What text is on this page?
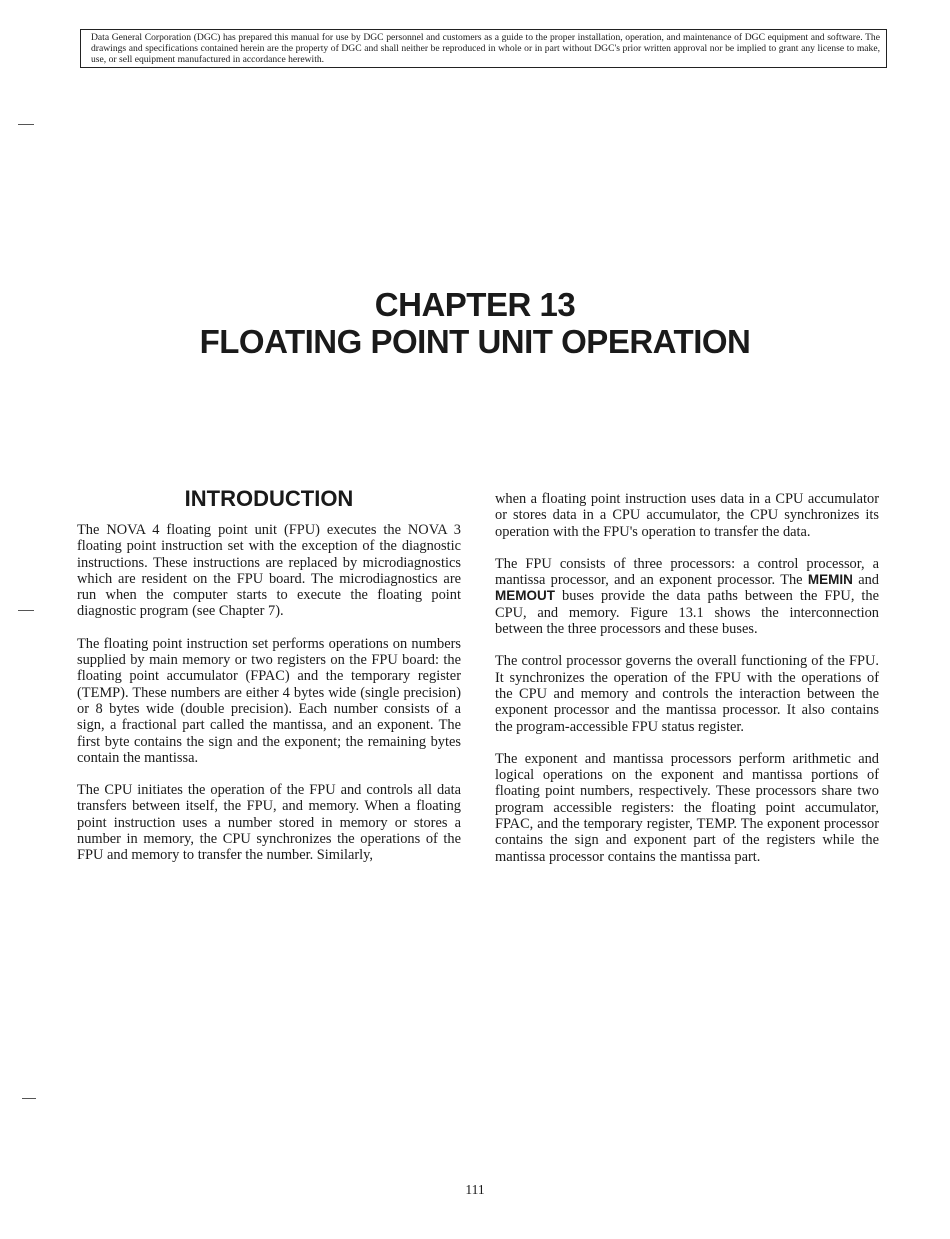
Data General Corporation (DGC) has prepared this manual for use by DGC personnel and customers as a guide to the proper installation, operation, and maintenance of DGC equipment and software. The drawings and specifications contained herein are the property of DGC and shall neither be reproduced in whole or in part without DGC's prior written approval nor be implied to grant any license to make, use, or sell equipment manufactured in accordance herewith.
CHAPTER 13
FLOATING POINT UNIT OPERATION
INTRODUCTION

The NOVA 4 floating point unit (FPU) executes the NOVA 3 floating point instruction set with the exception of the diagnostic instructions. These instructions are replaced by microdiagnostics which are resident on the FPU board. The microdiagnostics are run when the computer starts to execute the floating point diagnostic program (see Chapter 7).

The floating point instruction set performs operations on numbers supplied by main memory or two registers on the FPU board: the floating point accumulator (FPAC) and the temporary register (TEMP). These numbers are either 4 bytes wide (single precision) or 8 bytes wide (double precision). Each number consists of a sign, a fractional part called the mantissa, and an exponent. The first byte contains the sign and the exponent; the remaining bytes contain the mantissa.

The CPU initiates the operation of the FPU and controls all data transfers between itself, the FPU, and memory. When a floating point instruction uses a number stored in memory or stores a number in memory, the CPU synchronizes the operations of the FPU and memory to transfer the number. Similarly,

when a floating point instruction uses data in a CPU accumulator or stores data in a CPU accumulator, the CPU synchronizes its operation with the FPU's operation to transfer the data.

The FPU consists of three processors: a control processor, a mantissa processor, and an exponent processor. The MEMIN and MEMOUT buses provide the data paths between the FPU, the CPU, and memory. Figure 13.1 shows the interconnection between the three processors and these buses.

The control processor governs the overall functioning of the FPU. It synchronizes the operation of the FPU with the operations of the CPU and memory and controls the interaction between the exponent processor and the mantissa processor. It also contains the program-accessible FPU status register.

The exponent and mantissa processors perform arithmetic and logical operations on the exponent and mantissa portions of floating point numbers, respectively. These processors share two program accessible registers: the floating point accumulator, FPAC, and the temporary register, TEMP. The exponent processor contains the sign and exponent part of the registers while the mantissa processor contains the mantissa part.

111
